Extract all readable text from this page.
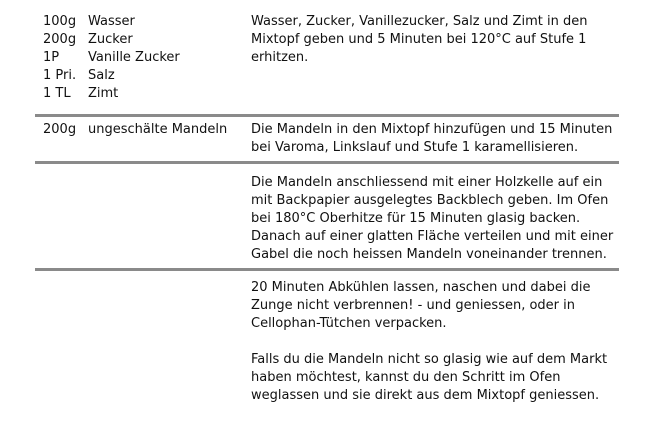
100g Wasser
200g Zucker
1P Vanille Zucker
1 Pri. Salz
1 TL Zimt
Wasser, Zucker, Vanillezucker, Salz und Zimt in den
Mixtopf geben und 5 Minuten bei 120°C auf Stufe 1
erhitzen.
200g ungeschälte Mandeln	Die Mandeln in den Mixtopf hinzufügen und 15 Minuten
bei Varoma, Linkslauf und Stufe 1 karamellisieren.
Die Mandeln anschliessend mit einer Holzkelle auf ein
mit Backpapier ausgelegtes Backblech geben. Im Ofen
bei 180°C Oberhitze für 15 Minuten glasig backen.
Danach auf einer glatten Fläche verteilen und mit einer
Gabel die noch heissen Mandeln voneinander trennen.
20 Minuten Abkühlen lassen, naschen und dabei die
Zunge nicht verbrennen! - und geniessen, oder in
Cellophan-Tütchen verpacken.
Falls du die Mandeln nicht so glasig wie auf dem Markt
haben möchtest, kannst du den Schritt im Ofen
weglassen und sie direkt aus dem Mixtopf geniessen.
